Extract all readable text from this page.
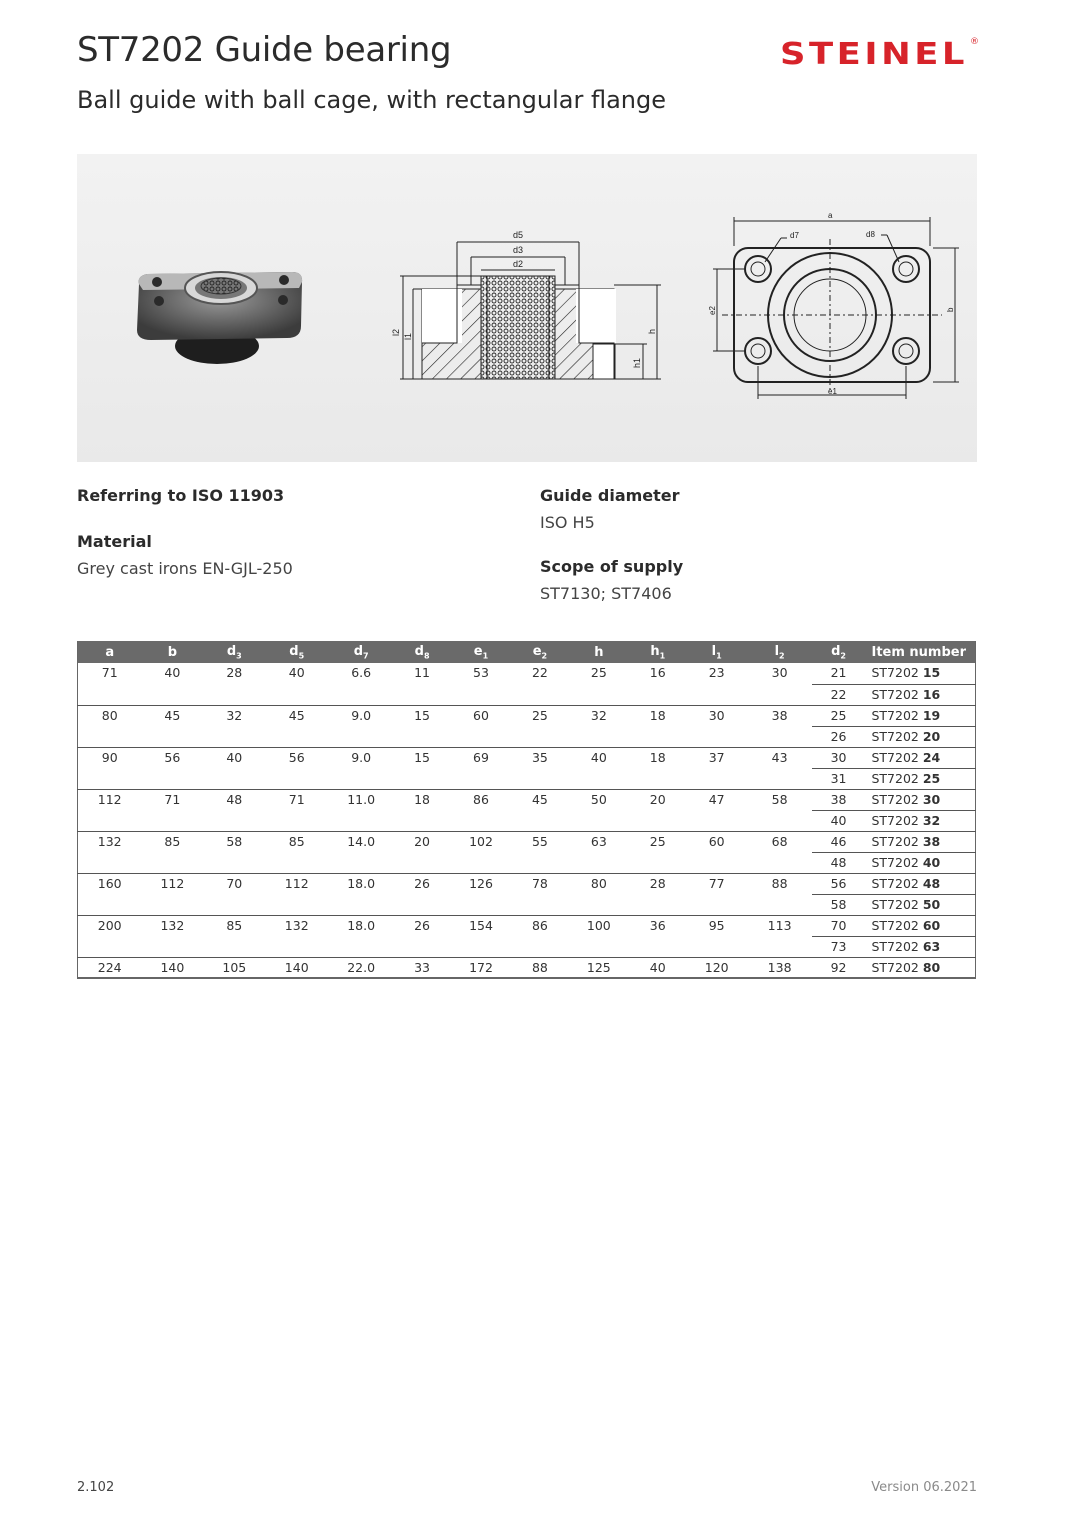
ST7202 Guide bearing
Ball guide with ball cage, with rectangular flange
STEINEL ®
d5
d3
d2
l2
l1
h
h1
a
d7	d8
e1
e2	b
Referring to ISO 11903
Material
Grey cast irons EN-GJL-250
Guide diameter
ISO H5
Scope of supply
ST7130; ST7406
a	b	$d_3$	$d_5$	$d_7$	$d_8$	$e_1$	$e_2$	h	$h_1$	$l_1$	$l_2$	$d_2$	Item number
71	40	28	40	6.6	11	53	22	25	16	23	30	21	ST7202 15
												22	ST7202 16
80	45	32	45	9.0	15	60	25	32	18	30	38	25	ST7202 19
												26	ST7202 20
90	56	40	56	9.0	15	69	35	40	18	37	43	30	ST7202 24
												31	ST7202 25
112	71	48	71	11.0	18	86	45	50	20	47	58	38	ST7202 30
												40	ST7202 32
132	85	58	85	14.0	20	102	55	63	25	60	68	46	ST7202 38
												48	ST7202 40
160	112	70	112	18.0	26	126	78	80	28	77	88	56	ST7202 48
												58	ST7202 50
200	132	85	132	18.0	26	154	86	100	36	95	113	70	ST7202 60
												73	ST7202 63
224	140	105	140	22.0	33	172	88	125	40	120	138	92	ST7202 80
2.102	Version 06.2021
